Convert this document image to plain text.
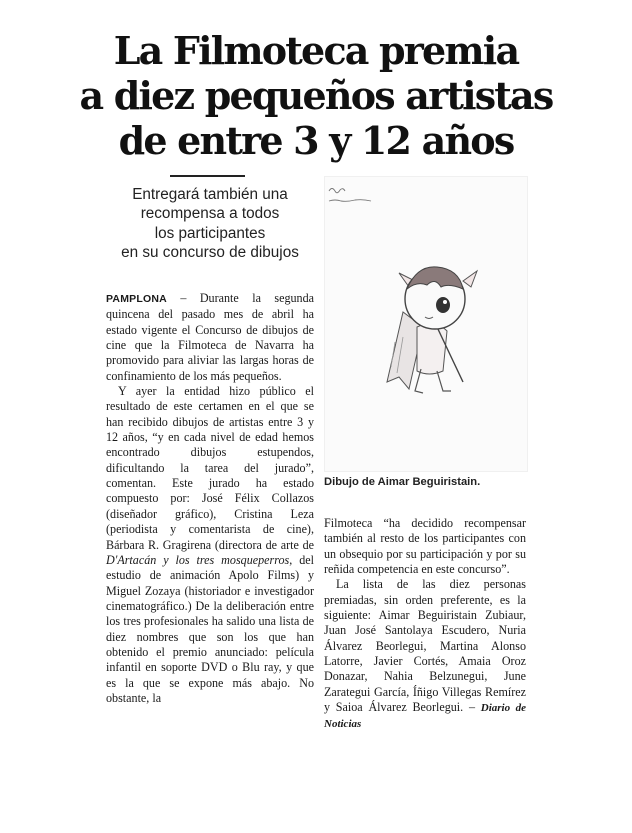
La Filmoteca premia
a diez pequeños artistas
de entre 3 y 12 años
Entregará también una
recompensa a todos
los participantes
en su concurso de dibujos

PAMPLONA – Durante la segunda quincena del pasado mes de abril ha estado vigente el Concurso de dibujos de cine que la Filmoteca de Navarra ha promovido para aliviar las largas horas de confinamiento de los más pequeños.

Y ayer la entidad hizo público el resultado de este certamen en el que se han recibido dibujos de artistas entre 3 y 12 años, “y en cada nivel de edad hemos encontrado dibujos estupendos, dificultando la tarea del jurado”, comentan. Este jurado ha estado compuesto por: José Félix Collazos (diseñador gráfico), Cristina Leza (periodista y comentarista de cine), Bárbara R. Gragirena (directora de arte de D'Artacán y los tres mosqueperros, del estudio de animación Apolo Films) y Miguel Zozaya (historiador e investigador cinematográfico.) De la deliberación entre los tres profesionales ha salido una lista de diez nombres que son los que han obtenido el premio anunciado: película infantil en soporte DVD o Blu ray, y que es la que se expone más abajo. No obstante, la

Dibujo de Aimar Beguiristain.

Filmoteca “ha decidido recompensar también al resto de los participantes con un obsequio por su participación y por su reñida competencia en este concurso”.

La lista de las diez personas premiadas, sin orden preferente, es la siguiente: Aimar Beguiristain Zubiaur, Juan José Santolaya Escudero, Nuria Álvarez Beorlegui, Martina Alonso Latorre, Javier Cortés, Amaia Oroz Donazar, Nahia Belzunegui, June Zarategui García, Íñigo Villegas Remírez y Saioa Álvarez Beorlegui. – Diario de Noticias
